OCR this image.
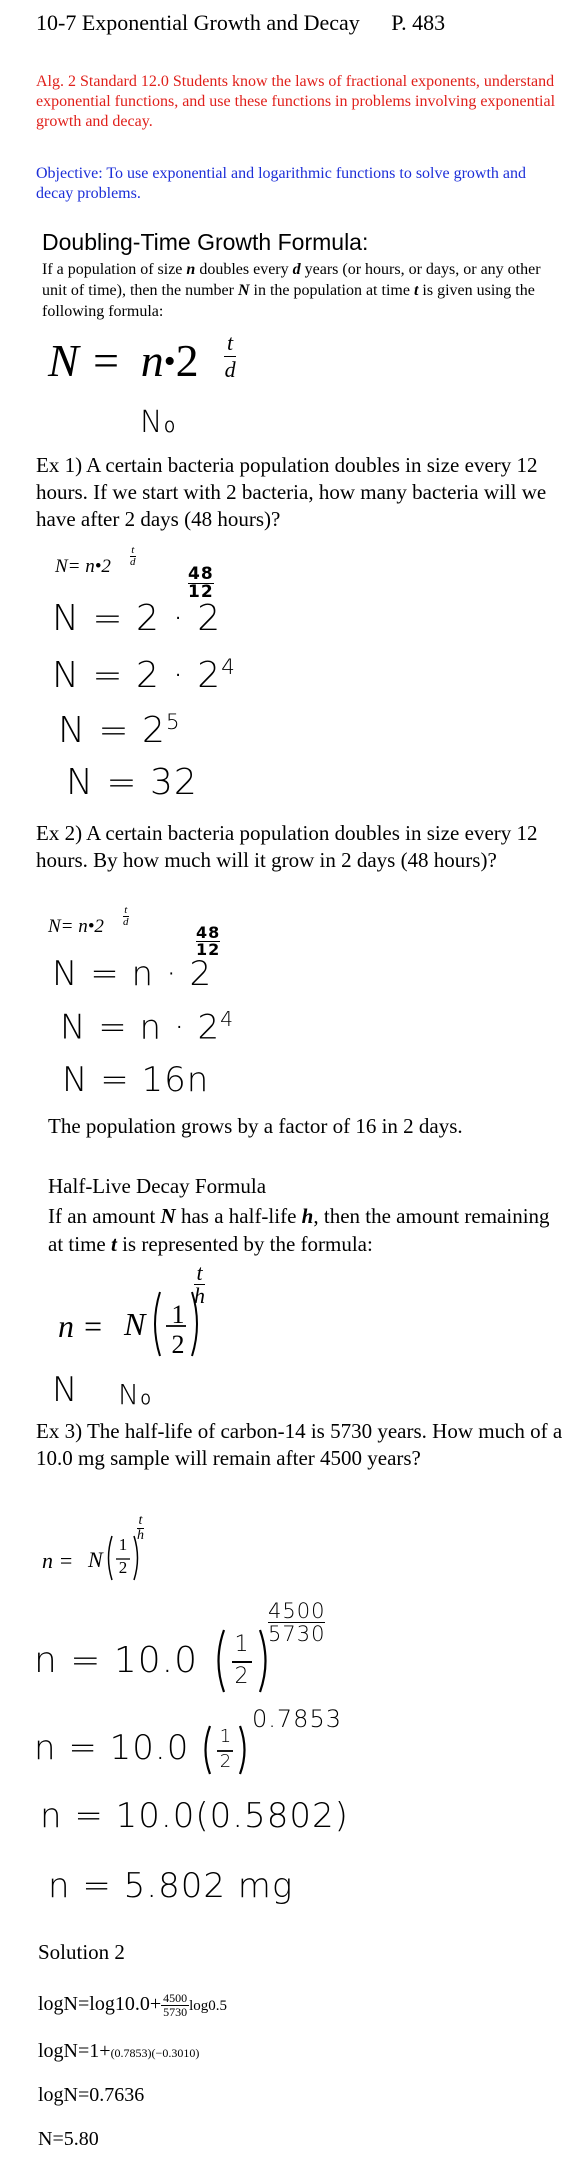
10-7 Exponential Growth and Decay P. 483
Alg. 2 Standard 12.0 Students know the laws of fractional exponents, understand exponential functions, and use these functions in problems involving exponential growth and decay.
Objective: To use exponential and logarithmic functions to solve growth and decay problems.
Doubling-Time Growth Formula:
If a population of size n doubles every d years (or hours, or days, or any other unit of time), then the number N in the population at time t is given using the following formula:
N = n•2 $\frac{t}{d}$
N₀
Ex 1) A certain bacteria population doubles in size every 12 hours. If we start with 2 bacteria, how many bacteria will we have after 2 days (48 hours)?
N= n•2 $\frac{t}{d}$
N = 2 · 2
$\frac{48}{12}$
$N = 2 \cdot 2^4$
$N = 2^5$
N = 32
Ex 2) A certain bacteria population doubles in size every 12 hours. By how much will it grow in 2 days (48 hours)?
N= n•2 $\frac{t}{d}$
N = n · 2
$\frac{48}{12}$
$N = n \cdot 2^4$
N = 16n
The population grows by a factor of 16 in 2 days.
Half-Live Decay Formula
If an amount N has a half-life h, then the amount remaining at time t is represented by the formula:
n = N 1
2
$\frac{t}{h}$
N N₀
Ex 3) The half-life of carbon-14 is 5730 years. How much of a 10.0 mg sample will remain after 4500 years?
n = N
1
2
$\frac{t}{h}$
n = 10.0 1
2
$\frac{4500}{5730}$
n = 10.0 1
2
0.7853
n = 10.0(0.5802)
n = 5.802 mg
Solution 2
$\log N=\log 10.0+ \frac{4500}{5730} \log 0.5$
logN=1+(0.7853)(−0.3010)
logN=0.7636
N=5.80
